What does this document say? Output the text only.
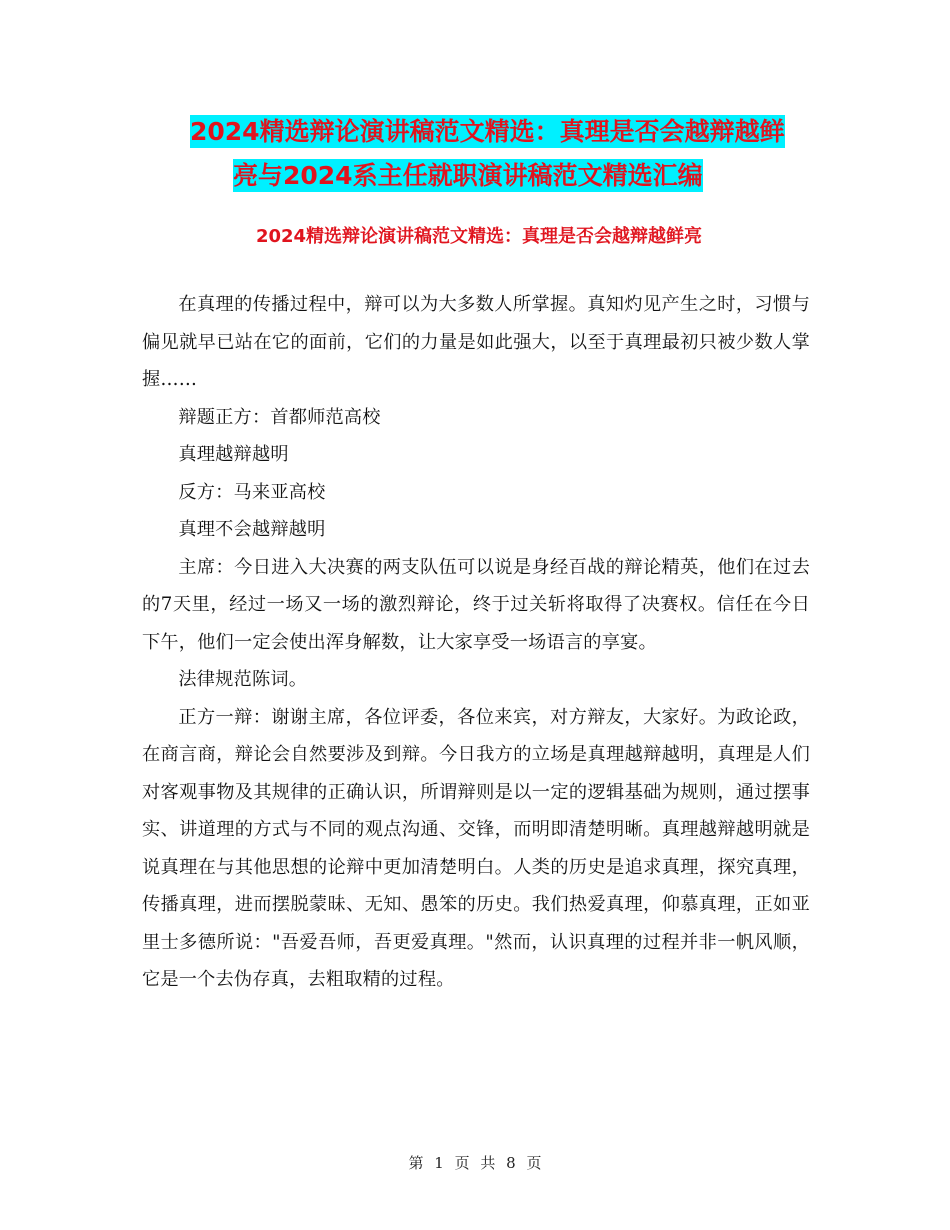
2024精选辩论演讲稿范文精选：真理是否会越辩越鲜
亮与2024系主任就职演讲稿范文精选汇编
2024精选辩论演讲稿范文精选：真理是否会越辩越鲜亮

在真理的传播过程中，辩可以为大多数人所掌握。真知灼见产生之时，习惯与偏见就早已站在它的面前，它们的力量是如此强大，以至于真理最初只被少数人掌握……

辩题正方：首都师范高校

真理越辩越明

反方：马来亚高校

真理不会越辩越明

主席：今日进入大决赛的两支队伍可以说是身经百战的辩论精英，他们在过去的7天里，经过一场又一场的激烈辩论，终于过关斩将取得了决赛权。信任在今日下午，他们一定会使出浑身解数，让大家享受一场语言的享宴。

法律规范陈词。

正方一辩：谢谢主席，各位评委，各位来宾，对方辩友，大家好。为政论政，在商言商，辩论会自然要涉及到辩。今日我方的立场是真理越辩越明，真理是人们对客观事物及其规律的正确认识，所谓辩则是以一定的逻辑基础为规则，通过摆事实、讲道理的方式与不同的观点沟通、交锋，而明即清楚明晰。真理越辩越明就是说真理在与其他思想的论辩中更加清楚明白。人类的历史是追求真理，探究真理，传播真理，进而摆脱蒙昧、无知、愚笨的历史。我们热爱真理，仰慕真理，正如亚里士多德所说："吾爱吾师，吾更爱真理。"然而，认识真理的过程并非一帆风顺，它是一个去伪存真，去粗取精的过程。

第 1 页 共 8 页
